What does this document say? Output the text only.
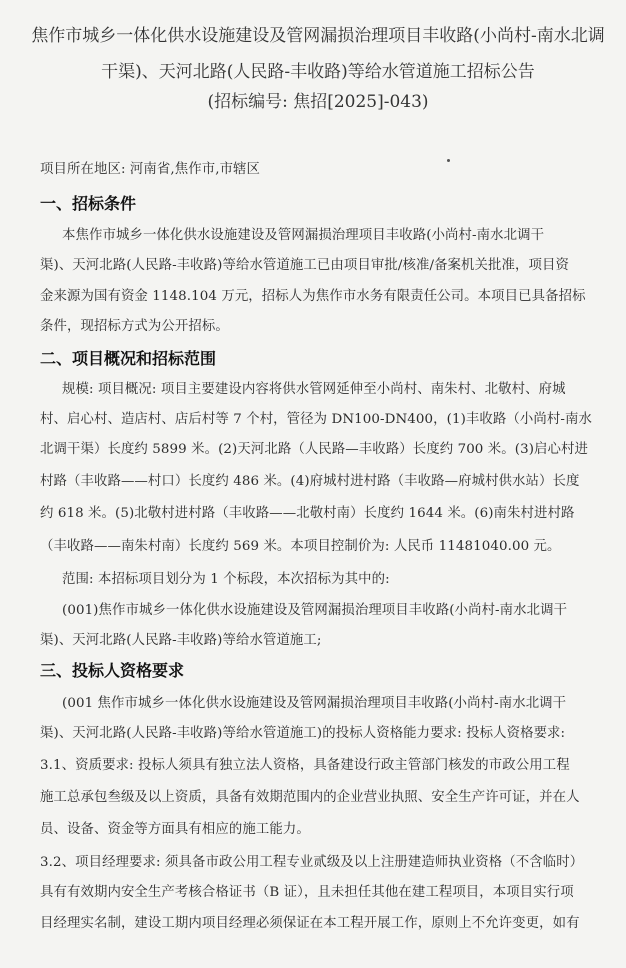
焦作市城乡一体化供水设施建设及管网漏损治理项目丰收路(小尚村-南水北调
干渠)、天河北路(人民路-丰收路)等给水管道施工招标公告
(招标编号: 焦招[2025]-043)
项目所在地区: 河南省,焦作市,市辖区
一、招标条件
本焦作市城乡一体化供水设施建设及管网漏损治理项目丰收路(小尚村-南水北调干
渠)、天河北路(人民路-丰收路)等给水管道施工已由项目审批/核准/备案机关批准，项目资
金来源为国有资金 1148.104 万元，招标人为焦作市水务有限责任公司。本项目已具备招标
条件，现招标方式为公开招标。
二、项目概况和招标范围
规模: 项目概况: 项目主要建设内容将供水管网延伸至小尚村、南朱村、北敬村、府城
村、启心村、造店村、店后村等 7 个村，管径为 DN100-DN400，(1)丰收路（小尚村-南水
北调干渠）长度约 5899 米。(2)天河北路（人民路—丰收路）长度约 700 米。(3)启心村进
村路（丰收路——村口）长度约 486 米。(4)府城村进村路（丰收路—府城村供水站）长度
约 618 米。(5)北敬村进村路（丰收路——北敬村南）长度约 1644 米。(6)南朱村进村路
（丰收路——南朱村南）长度约 569 米。本项目控制价为: 人民币 11481040.00 元。
范围: 本招标项目划分为 1 个标段，本次招标为其中的:
(001)焦作市城乡一体化供水设施建设及管网漏损治理项目丰收路(小尚村-南水北调干
渠)、天河北路(人民路-丰收路)等给水管道施工;
三、投标人资格要求
(001 焦作市城乡一体化供水设施建设及管网漏损治理项目丰收路(小尚村-南水北调干
渠)、天河北路(人民路-丰收路)等给水管道施工)的投标人资格能力要求: 投标人资格要求:
3.1、资质要求: 投标人须具有独立法人资格，具备建设行政主管部门核发的市政公用工程
施工总承包叁级及以上资质，具备有效期范围内的企业营业执照、安全生产许可证，并在人
员、设备、资金等方面具有相应的施工能力。
3.2、项目经理要求: 须具备市政公用工程专业贰级及以上注册建造师执业资格（不含临时）
具有有效期内安全生产考核合格证书（B 证），且未担任其他在建工程项目，本项目实行项
目经理实名制，建设工期内项目经理必须保证在本工程开展工作，原则上不允许变更，如有
